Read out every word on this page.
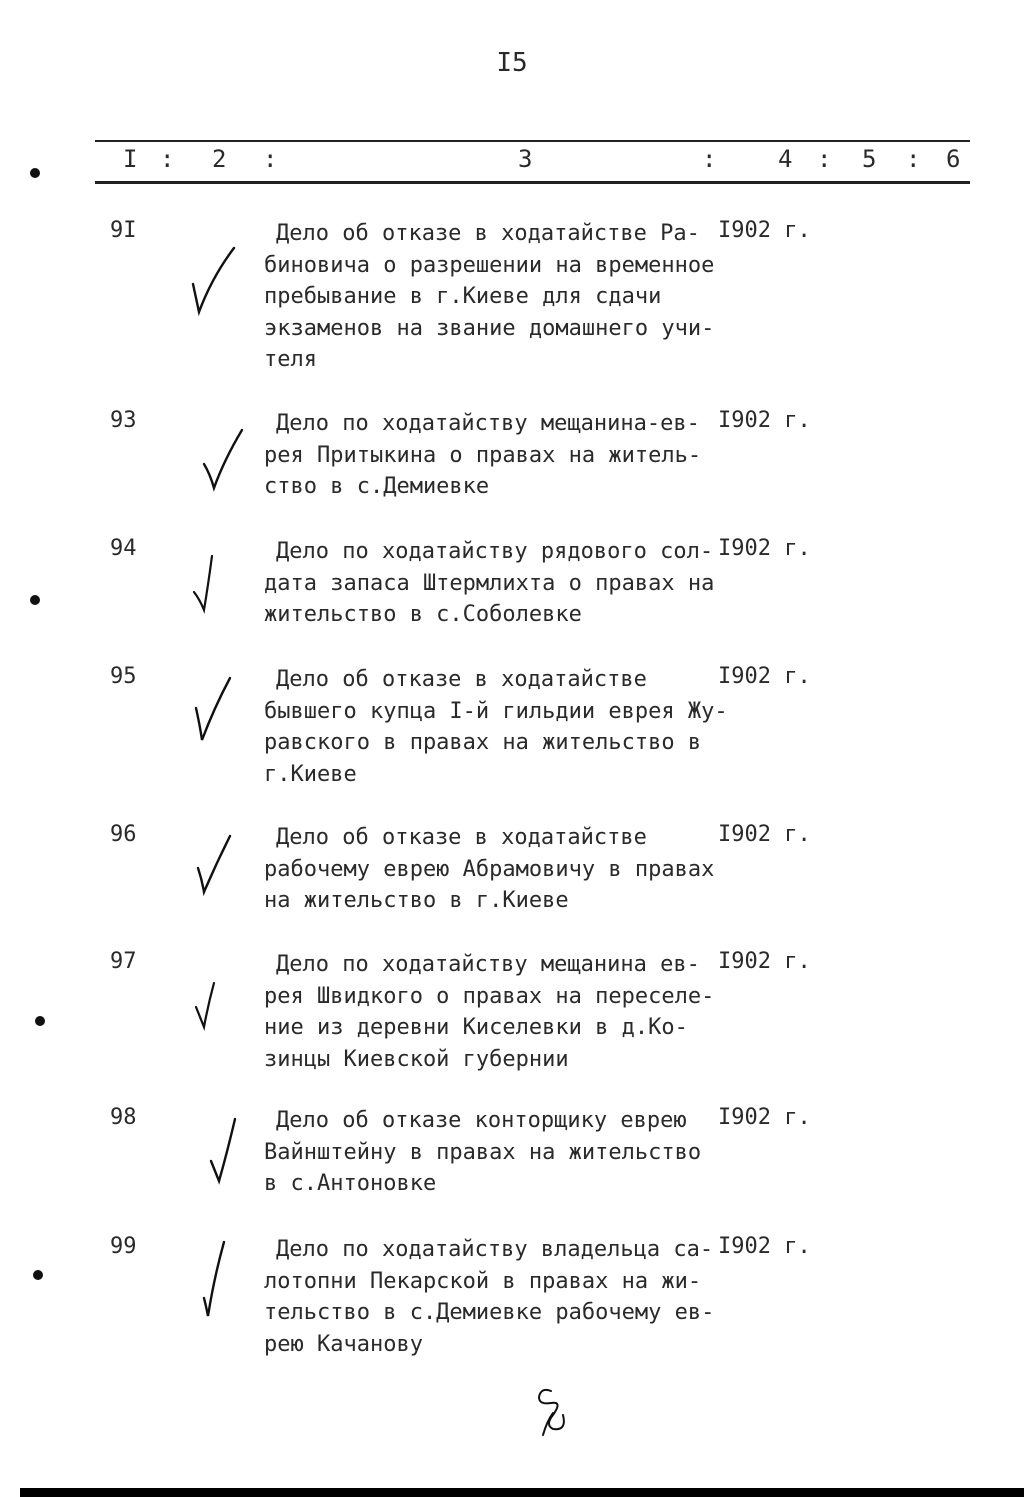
I5
I : 2 :	3	:	4 : 5 : 6
9I	Дело об отказе в ходатайстве Ра-
биновича о разрешении на временное
пребывание в г.Киеве для сдачи
экзаменов на звание домашнего учи-
теля
I902 г.
93	Дело по ходатайству мещанина-ев-
рея Притыкина о правах на житель-
ство в с.Демиевке
I902 г.
94	Дело по ходатайству рядового сол-
дата запаса Штермлихта о правах на
жительство в с.Соболевке
I902 г.
95	Дело об отказе в ходатайстве
бывшего купца I-й гильдии еврея Жу-
равского в правах на жительство в
г.Киеве
I902 г.
96	Дело об отказе в ходатайстве
рабочему еврею Абрамовичу в правах
на жительство в г.Киеве
I902 г.
97	Дело по ходатайству мещанина ев-
рея Швидкого о правах на переселе-
ние из деревни Киселевки в д.Ко-
зинцы Киевской губернии
I902 г.
98	Дело об отказе конторщику еврею
Вайнштейну в правах на жительство
в с.Антоновке
I902 г.
99	Дело по ходатайству владельца са-
лотопни Пекарской в правах на жи-
тельство в с.Демиевке рабочему ев-
рею Качанову
I902 г.
